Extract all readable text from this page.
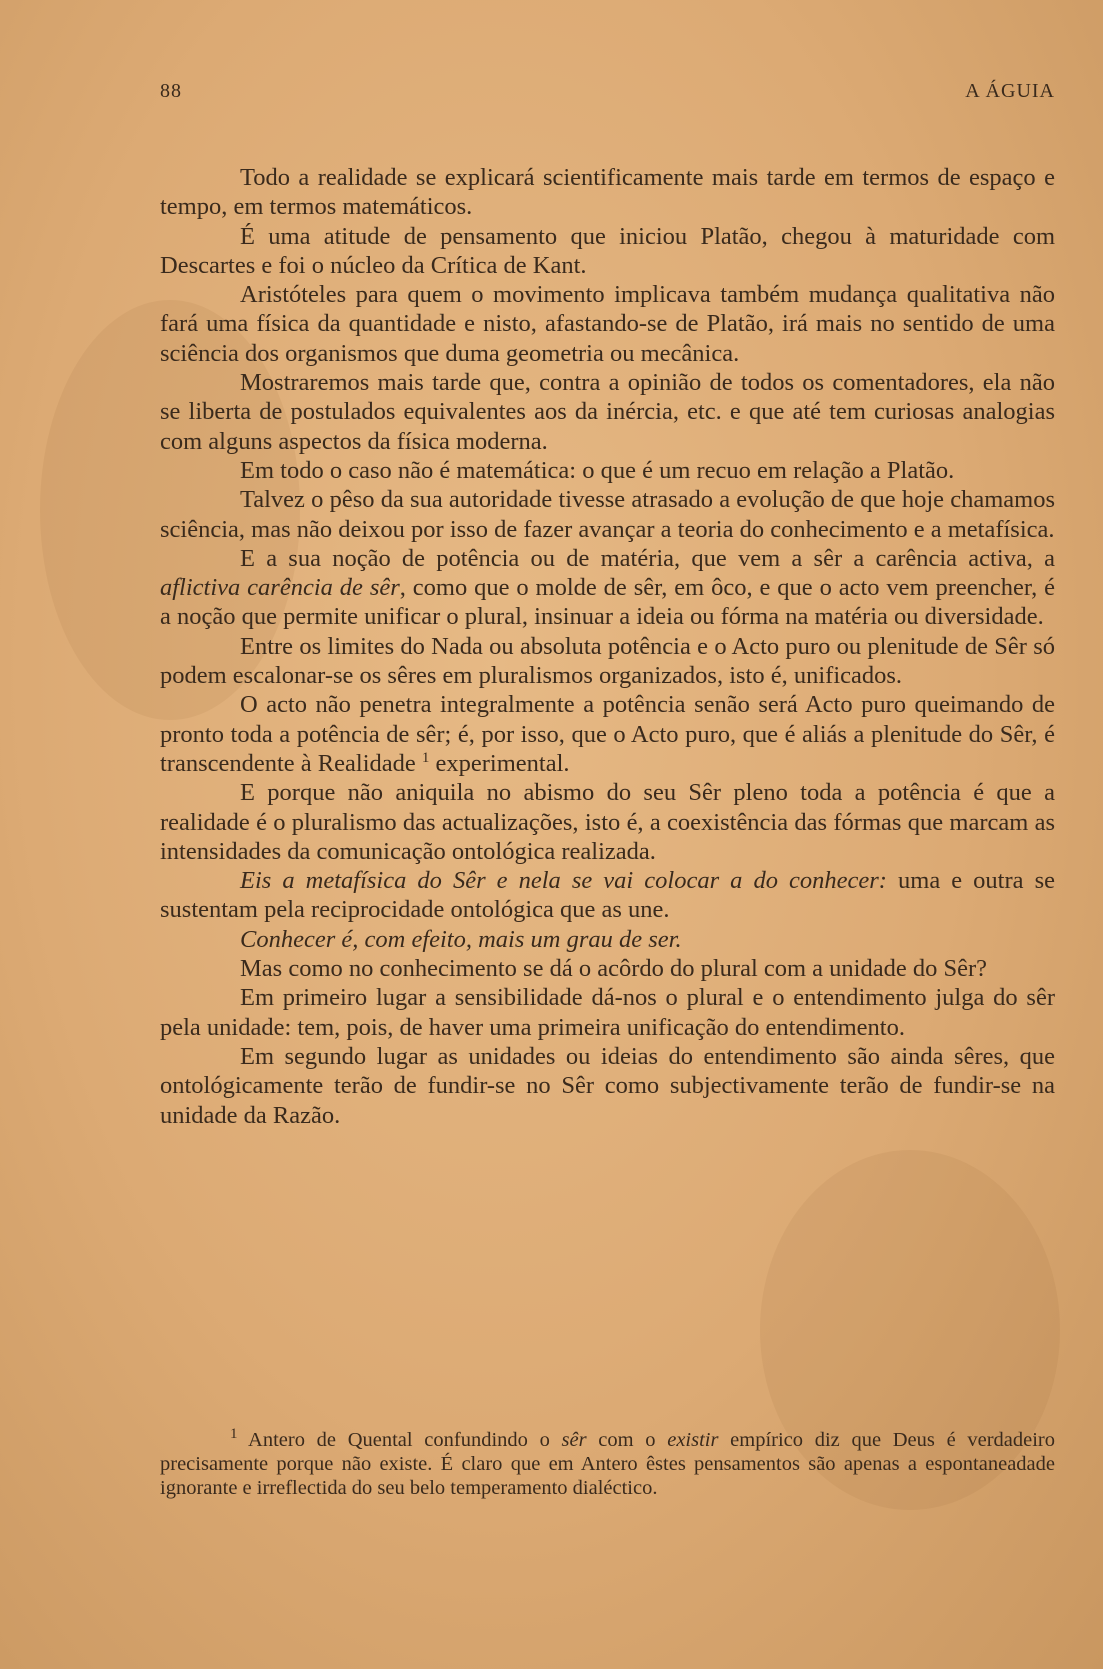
88	A ÁGUIA

Todo a realidade se explicará scientificamente mais tarde em termos de espaço e tempo, em termos matemáticos.

É uma atitude de pensamento que iniciou Platão, chegou à maturidade com Descartes e foi o núcleo da Crítica de Kant.

Aristóteles para quem o movimento implicava também mudança qualitativa não fará uma física da quantidade e nisto, afastando-se de Platão, irá mais no sentido de uma sciência dos organismos que duma geometria ou mecânica.

Mostraremos mais tarde que, contra a opinião de todos os comentadores, ela não se liberta de postulados equivalentes aos da inércia, etc. e que até tem curiosas analogias com alguns aspectos da física moderna.

Em todo o caso não é matemática: o que é um recuo em relação a Platão.

Talvez o pêso da sua autoridade tivesse atrasado a evolução de que hoje chamamos sciência, mas não deixou por isso de fazer avançar a teoria do conhecimento e a metafísica.

E a sua noção de potência ou de matéria, que vem a sêr a carência activa, a aflictiva carência de sêr, como que o molde de sêr, em ôco, e que o acto vem preencher, é a noção que permite unificar o plural, insinuar a ideia ou fórma na matéria ou diversidade.

Entre os limites do Nada ou absoluta potência e o Acto puro ou plenitude de Sêr só podem escalonar-se os sêres em pluralismos organizados, isto é, unificados.

O acto não penetra integralmente a potência senão será Acto puro queimando de pronto toda a potência de sêr; é, por isso, que o Acto puro, que é aliás a plenitude do Sêr, é transcendente à Realidade $^1$ experimental.

E porque não aniquila no abismo do seu Sêr pleno toda a potência é que a realidade é o pluralismo das actualizações, isto é, a coexistência das fórmas que marcam as intensidades da comunicação ontológica realizada.

Eis a metafísica do Sêr e nela se vai colocar a do conhecer: uma e outra se sustentam pela reciprocidade ontológica que as une.

Conhecer é, com efeito, mais um grau de ser.

Mas como no conhecimento se dá o acôrdo do plural com a unidade do Sêr?

Em primeiro lugar a sensibilidade dá-nos o plural e o entendimento julga do sêr pela unidade: tem, pois, de haver uma primeira unificação do entendimento.

Em segundo lugar as unidades ou ideias do entendimento são ainda sêres, que ontológicamente terão de fundir-se no Sêr como subjectivamente terão de fundir-se na unidade da Razão.

$^1$ Antero de Quental confundindo o sêr com o existir empírico diz que Deus é verdadeiro precisamente porque não existe. É claro que em Antero êstes pensamentos são apenas a espontaneadade ignorante e irreflectida do seu belo temperamento dialéctico.
